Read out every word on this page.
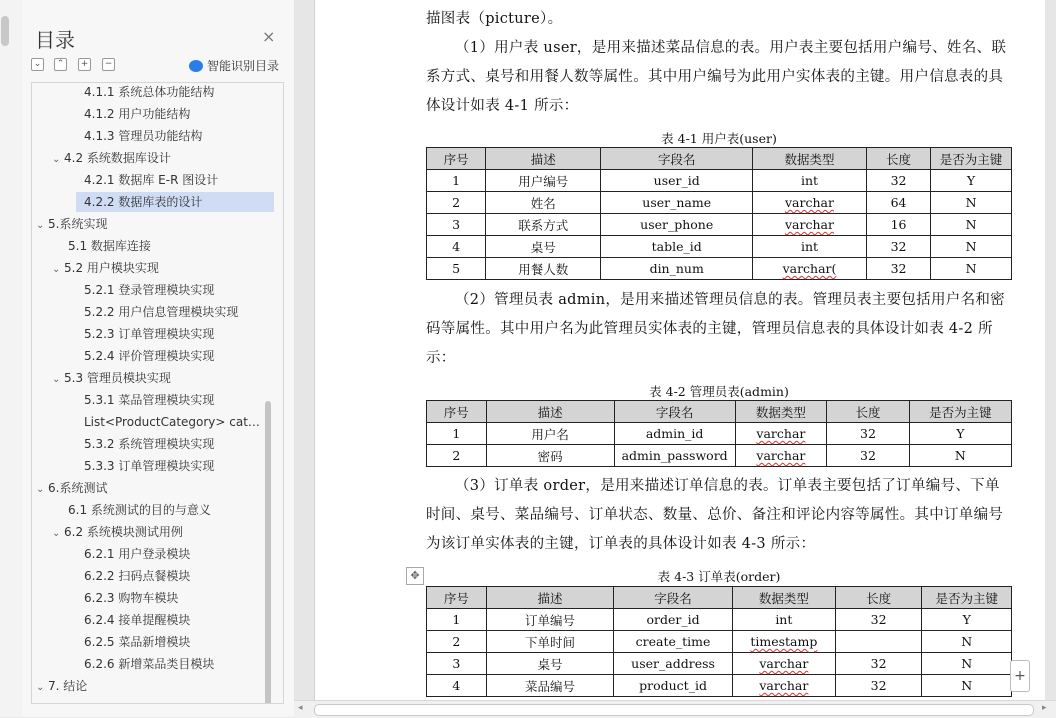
目录	×
⌄	⌃	+	−	智能识别目录
4.1.1 系统总体功能结构
4.1.2 用户功能结构
4.1.3 管理员功能结构
⌄ 4.2 系统数据库设计
4.2.1 数据库 E-R 图设计
4.2.2 数据库表的设计
⌄ 5.系统实现
5.1 数据库连接
⌄ 5.2 用户模块实现
5.2.1 登录管理模块实现
5.2.2 用户信息管理模块实现
5.2.3 订单管理模块实现
5.2.4 评价管理模块实现
⌄ 5.3 管理员模块实现
5.3.1 菜品管理模块实现
List<ProductCategory> cat…
5.3.2 系统管理模块实现
5.3.3 订单管理模块实现
⌄ 6.系统测试
6.1 系统测试的目的与意义
⌄ 6.2 系统模块测试用例
6.2.1 用户登录模块
6.2.2 扫码点餐模块
6.2.3 购物车模块
6.2.4 接单提醒模块
6.2.5 菜品新增模块
6.2.6 新增菜品类目模块
⌄ 7. 结论
描图表（picture）。
（1）用户表 user，是用来描述菜品信息的表。用户表主要包括用户编号、姓名、联系方式、桌号和用餐人数等属性。其中用户编号为此用户实体表的主键。用户信息表的具体设计如表 4-1 所示：
表 4-1 用户表(user)
序号	描述	字段名	数据类型	长度	是否为主键
1	用户编号	user_id	int	32	Y
2	姓名	user_name	varchar	64	N
3	联系方式	user_phone	varchar	16	N
4	桌号	table_id	int	32	N
5	用餐人数	din_num	varchar(	32	N
（2）管理员表 admin，是用来描述管理员信息的表。管理员表主要包括用户名和密码等属性。其中用户名为此管理员实体表的主键，管理员信息表的具体设计如表 4-2 所示：
表 4-2 管理员表(admin)
序号	描述	字段名	数据类型	长度	是否为主键
1	用户名	admin_id	varchar	32	Y
2	密码	admin_password	varchar	32	N
（3）订单表 order，是用来描述订单信息的表。订单表主要包括了订单编号、下单时间、桌号、菜品编号、订单状态、数量、总价、备注和评论内容等属性。其中订单编号为该订单实体表的主键，订单表的具体设计如表 4-3 所示：
表 4-3 订单表(order)
✥
序号	描述	字段名	数据类型	长度	是否为主键
1	订单编号	order_id	int	32	Y
2	下单时间	create_time	timestamp		N
3	桌号	user_address	varchar	32	N
4	菜品编号	product_id	varchar	32	N
+
◂	▸
